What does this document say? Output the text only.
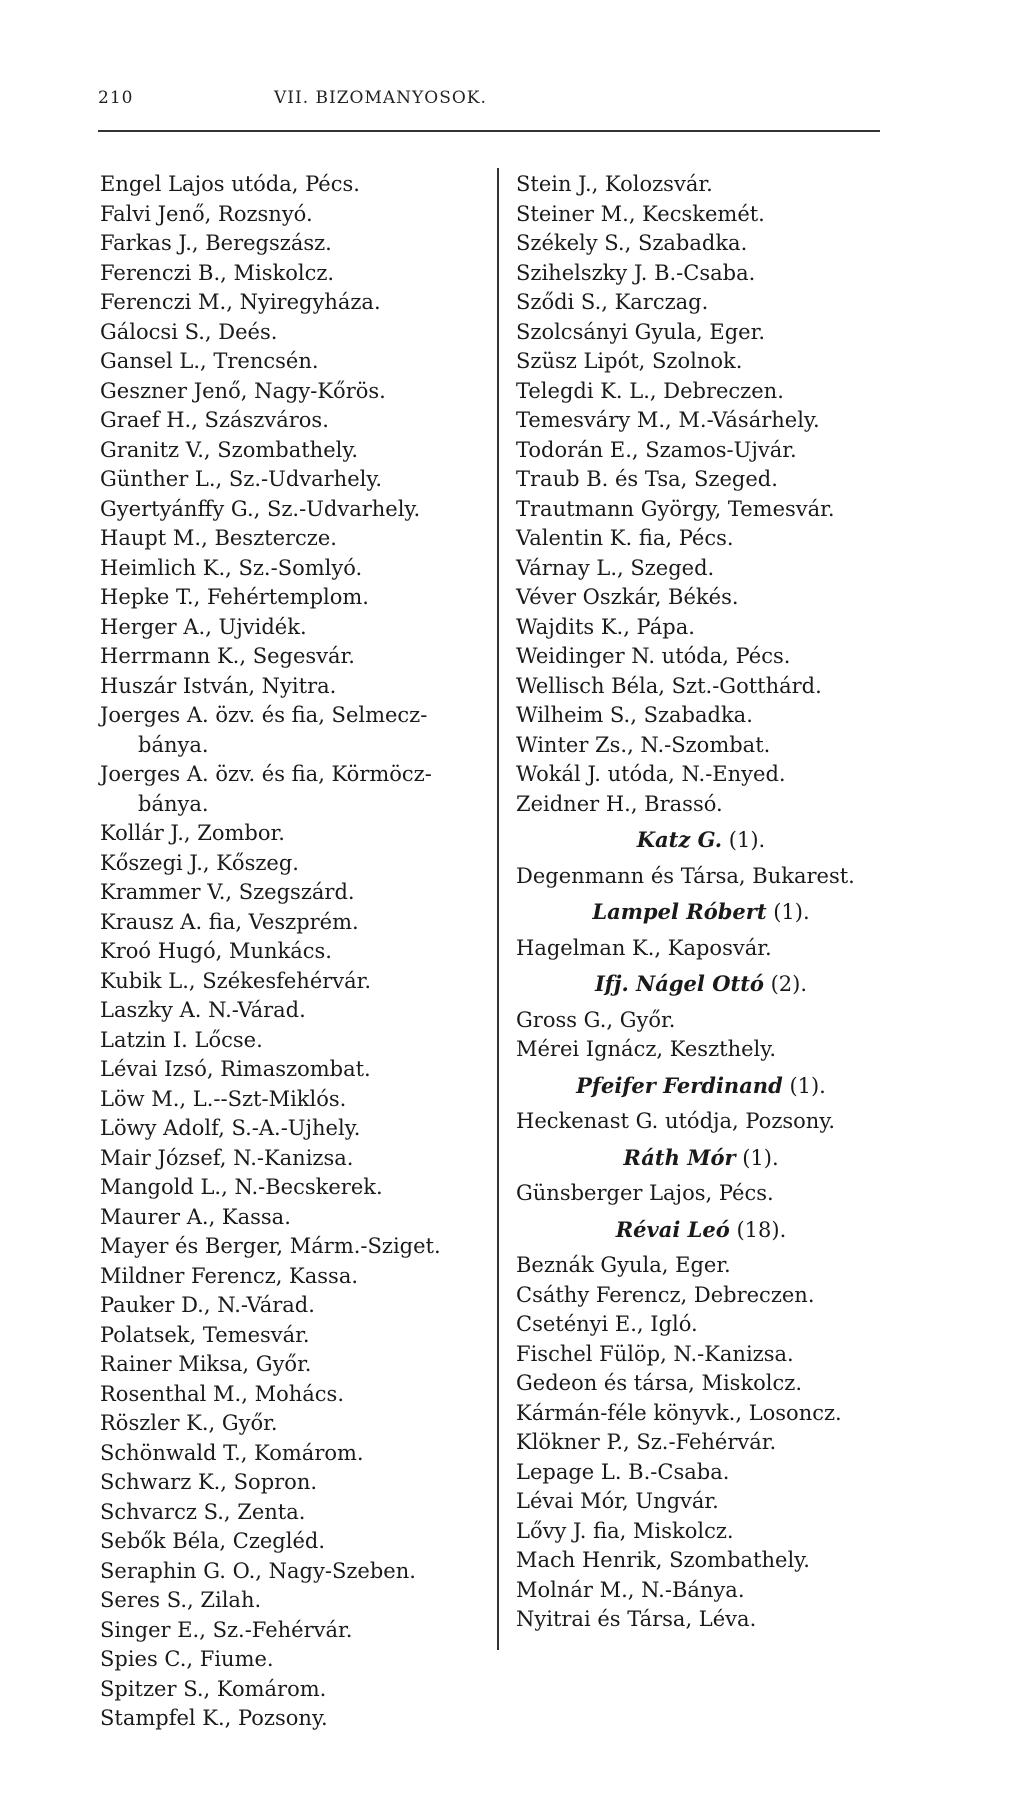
210	VII. BIZOMANYOSOK.
Engel Lajos utóda, Pécs.
Falvi Jenő, Rozsnyó.
Farkas J., Beregszász.
Ferenczi B., Miskolcz.
Ferenczi M., Nyiregyháza.
Gálocsi S., Deés.
Gansel L., Trencsén.
Geszner Jenő, Nagy-Kőrös.
Graef H., Szászváros.
Granitz V., Szombathely.
Günther L., Sz.-Udvarhely.
Gyertyánffy G., Sz.-Udvarhely.
Haupt M., Beszterczе.
Heimlich K., Sz.-Somlyó.
Hepke T., Fehértemplom.
Herger A., Ujvidék.
Herrmann K., Segesvár.
Huszár István, Nyitra.
Joerges A. özv. és fia, Selmecz-
bánya.
Joerges A. özv. és fia, Körmöcz-
bánya.
Kollár J., Zombor.
Kőszegi J., Kőszeg.
Krammer V., Szegszárd.
Krausz A. fia, Veszprém.
Kroó Hugó, Munkács.
Kubik L., Székesfehérvár.
Laszky A. N.-Várad.
Latzin I. Lőcse.
Lévai Izsó, Rimaszombat.
Löw M., L.--Szt-Miklós.
Löwy Adolf, S.-A.-Ujhely.
Mair József, N.-Kanizsa.
Mangold L., N.-Becskerek.
Maurer A., Kassa.
Mayer és Berger, Márm.-Sziget.
Mildner Ferencz, Kassa.
Pauker D., N.-Várad.
Polatsek, Temesvár.
Rainer Miksa, Győr.
Rosenthal M., Mohács.
Röszler K., Győr.
Schönwald T., Komárom.
Schwarz K., Sopron.
Schvarcz S., Zenta.
Sebők Béla, Czegléd.
Seraphin G. O., Nagy-Szeben.
Seres S., Zilah.
Singer E., Sz.-Fehérvár.
Spies C., Fiume.
Spitzer S., Komárom.
Stampfel K., Pozsony.
Stein J., Kolozsvár.
Steiner M., Kecskemét.
Székely S., Szabadka.
Szihelszky J. B.-Csaba.
Sződi S., Karczag.
Szolcsányi Gyula, Eger.
Szüsz Lipót, Szolnok.
Telegdi K. L., Debreczen.
Temesváry M., M.-Vásárhely.
Todorán E., Szamos-Ujvár.
Traub B. és Tsa, Szeged.
Trautmann György, Temesvár.
Valentin K. fia, Pécs.
Várnay L., Szeged.
Véver Oszkár, Békés.
Wajdits K., Pápa.
Weidinger N. utóda, Pécs.
Wellisch Béla, Szt.-Gotthárd.
Wilheim S., Szabadka.
Winter Zs., N.-Szombat.
Wokál J. utóda, N.-Enyed.
Zeidner H., Brassó.
Katz G. (1).
Degenmann és Társa, Bukarest.
Lampel Róbert (1).
Hagelman K., Kaposvár.
Ifj. Nágel Ottó (2).
Gross G., Győr.
Mérei Ignácz, Keszthely.
Pfeifer Ferdinand (1).
Heckenast G. utódja, Pozsony.
Ráth Mór (1).
Günsberger Lajos, Pécs.
Révai Leó (18).
Beznák Gyula, Eger.
Csáthy Ferencz, Debreczen.
Csetényi E., Igló.
Fischel Fülöp, N.-Kanizsa.
Gedeon és társa, Miskolcz.
Kármán-féle könyvk., Losoncz.
Klökner P., Sz.-Fehérvár.
Lepage L. B.-Csaba.
Lévai Mór, Ungvár.
Lővy J. fia, Miskolcz.
Mach Henrik, Szombathely.
Molnár M., N.-Bánya.
Nyitrai és Társa, Léva.
